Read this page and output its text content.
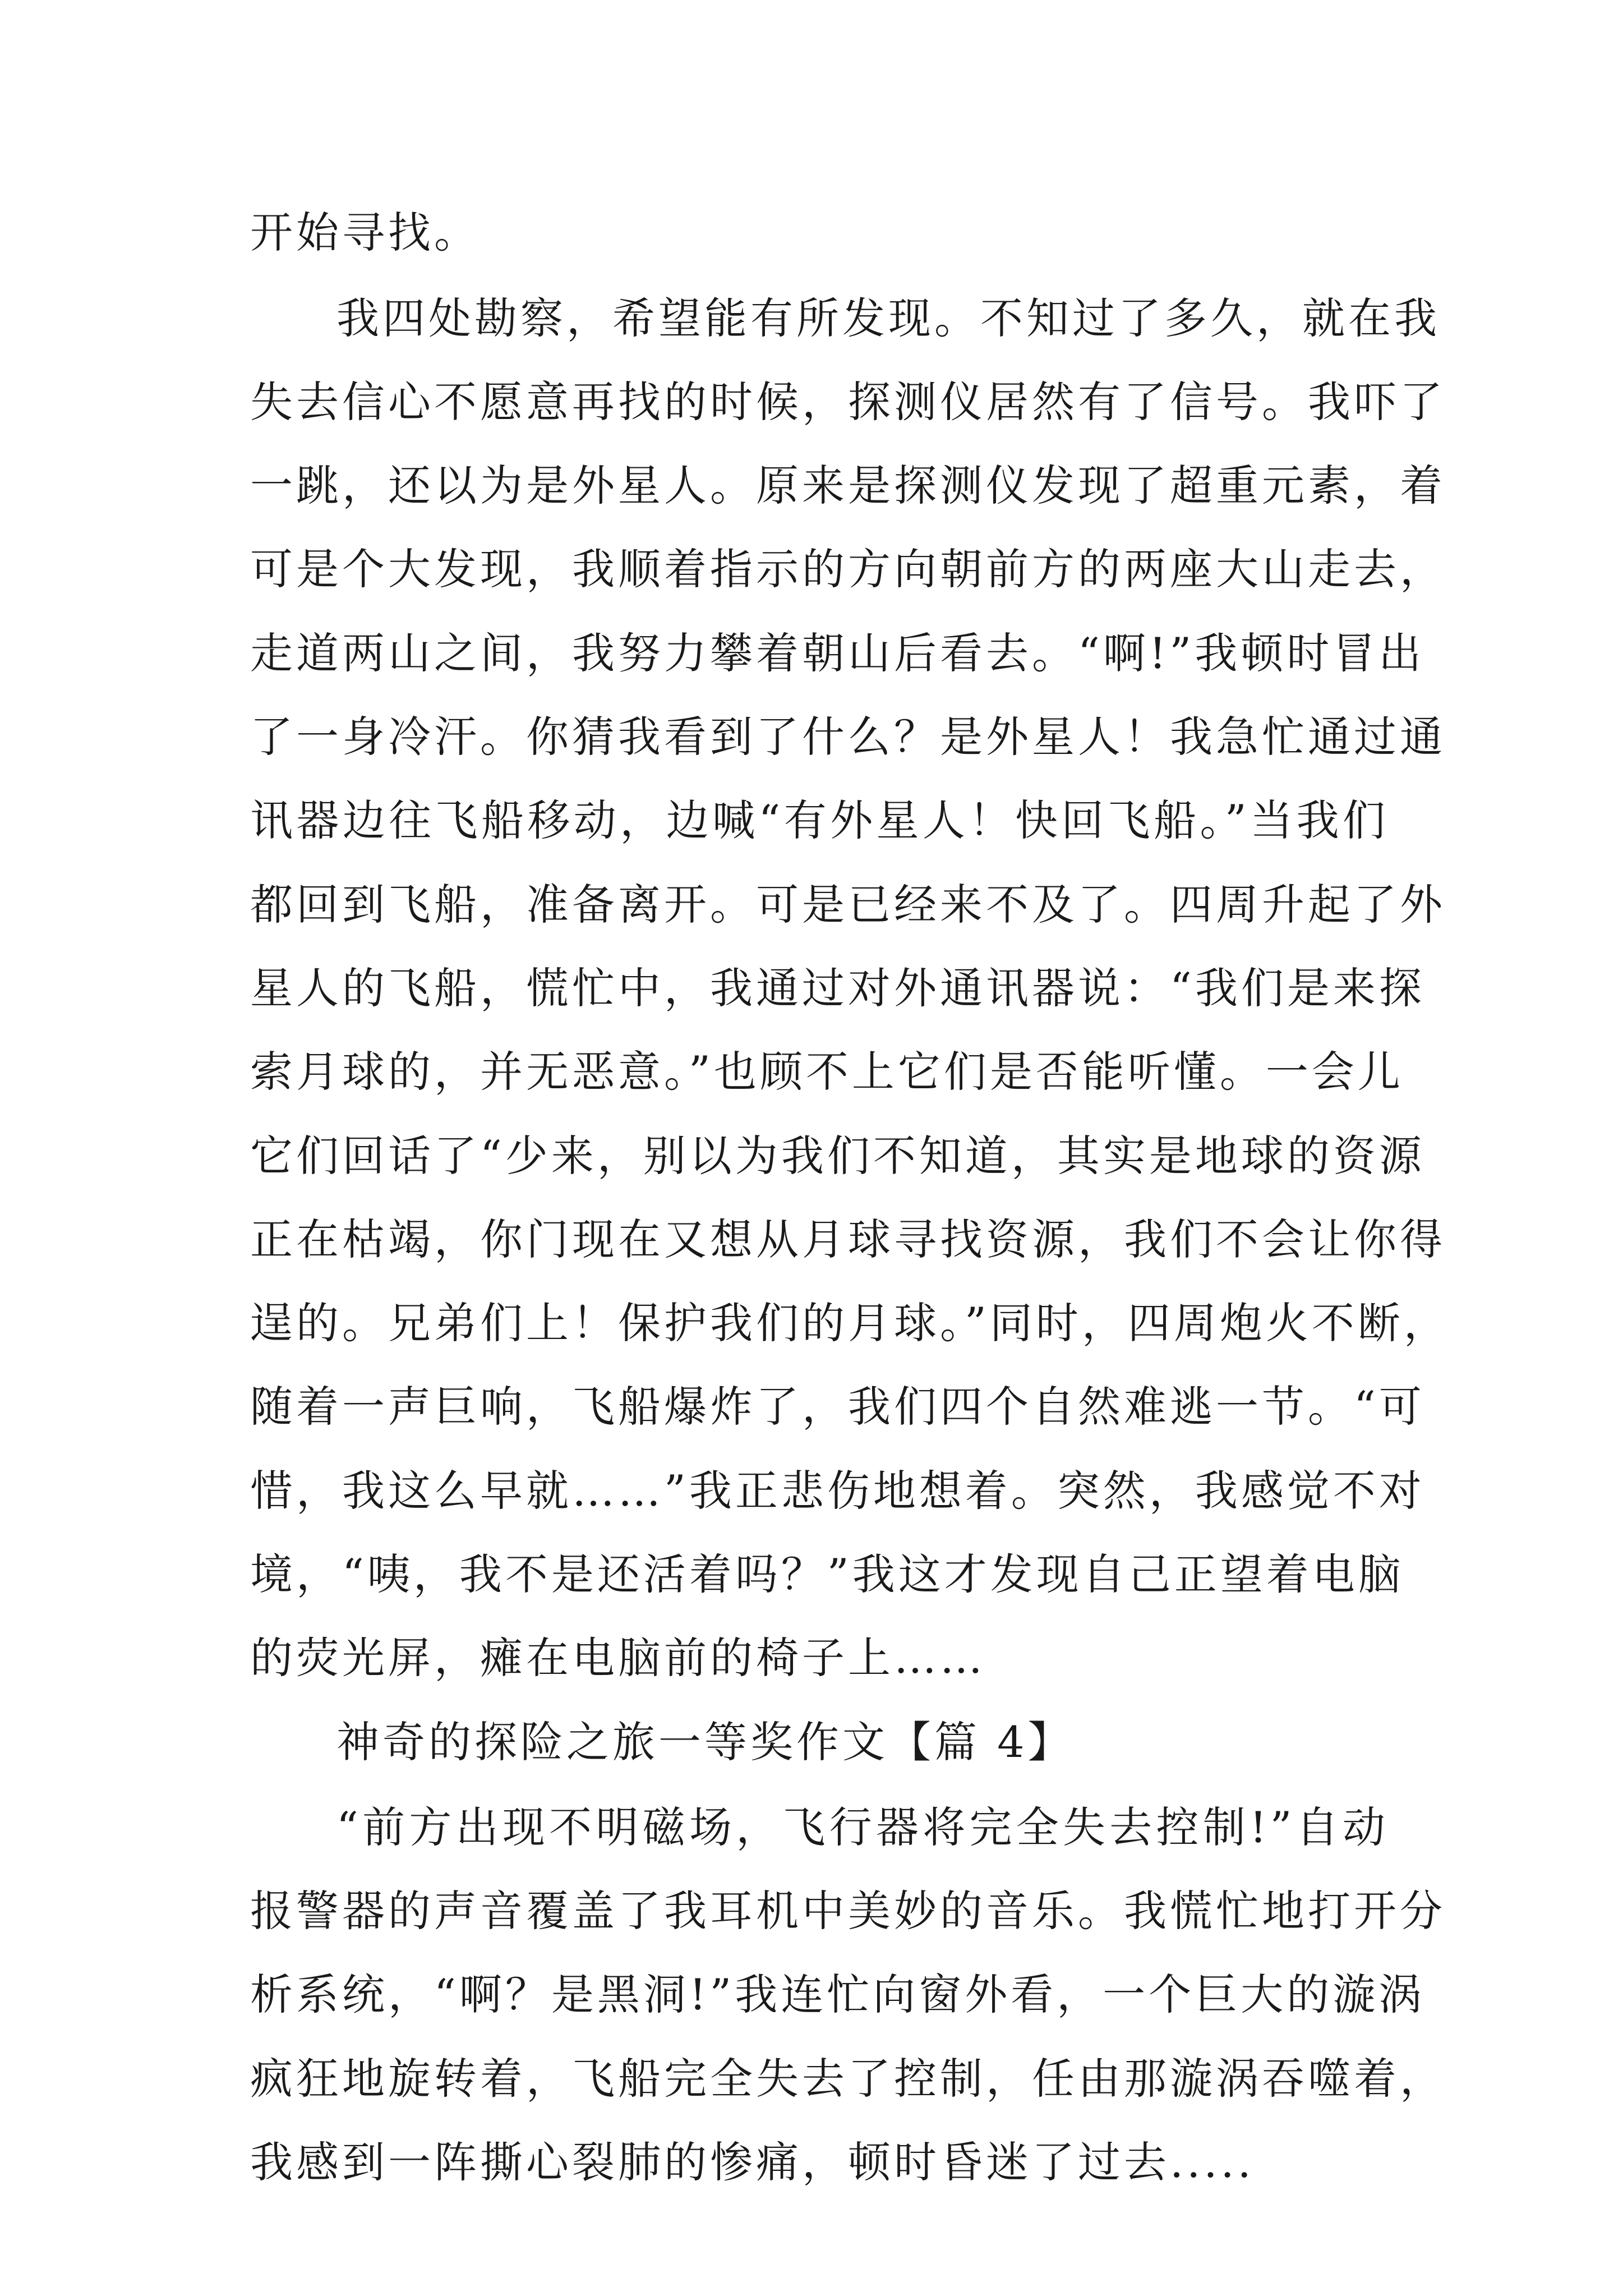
开始寻找。
我四处勘察，希望能有所发现。不知过了多久，就在我
失去信心不愿意再找的时候，探测仪居然有了信号。我吓了
一跳，还以为是外星人。原来是探测仪发现了超重元素，着
可是个大发现，我顺着指示的方向朝前方的两座大山走去，
走道两山之间，我努力攀着朝山后看去。“啊!”我顿时冒出
了一身冷汗。你猜我看到了什么？是外星人！我急忙通过通
讯器边往飞船移动，边喊“有外星人！快回飞船。”当我们
都回到飞船，准备离开。可是已经来不及了。四周升起了外
星人的飞船，慌忙中，我通过对外通讯器说：“我们是来探
索月球的，并无恶意。”也顾不上它们是否能听懂。一会儿
它们回话了“少来，别以为我们不知道，其实是地球的资源
正在枯竭，你门现在又想从月球寻找资源，我们不会让你得
逞的。兄弟们上！保护我们的月球。”同时，四周炮火不断，
随着一声巨响，飞船爆炸了，我们四个自然难逃一节。“可
惜，我这么早就……”我正悲伤地想着。突然，我感觉不对
境，“咦，我不是还活着吗？”我这才发现自己正望着电脑
的荧光屏，瘫在电脑前的椅子上……
神奇的探险之旅一等奖作文【篇 4】
“前方出现不明磁场，飞行器将完全失去控制!”自动
报警器的声音覆盖了我耳机中美妙的音乐。我慌忙地打开分
析系统，“啊？是黑洞!”我连忙向窗外看，一个巨大的漩涡
疯狂地旋转着，飞船完全失去了控制，任由那漩涡吞噬着，
我感到一阵撕心裂肺的惨痛，顿时昏迷了过去.....
